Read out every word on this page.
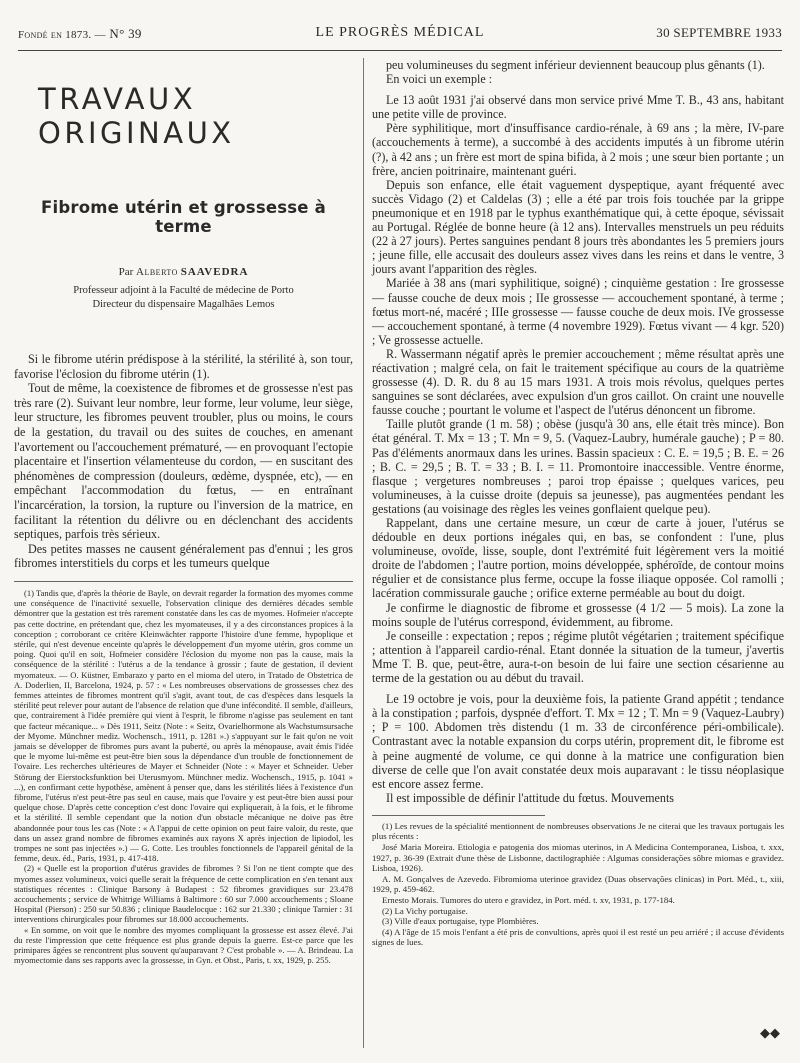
Fondé en 1873. — N° 39	LE PROGRÈS MÉDICAL	30 SEPTEMBRE 1933
TRAVAUX ORIGINAUX
Fibrome utérin et grossesse à terme
Par Alberto SAAVEDRA
Professeur adjoint à la Faculté de médecine de Porto
Directeur du dispensaire Magalhães Lemos

Si le fibrome utérin prédispose à la stérilité, la stérilité à, son tour, favorise l'éclosion du fibrome utérin (1).

Tout de même, la coexistence de fibromes et de grossesse n'est pas très rare (2). Suivant leur nombre, leur forme, leur volume, leur siège, leur structure, les fibromes peuvent troubler, plus ou moins, le cours de la gestation, du travail ou des suites de couches, en amenant l'avortement ou l'accouchement prématuré, — en provoquant l'ectopie placentaire et l'insertion vélamenteuse du cordon, — en suscitant des phénomènes de compression (douleurs, œdème, dyspnée, etc), — en empêchant l'accommodation du fœtus, — en entraînant l'incarcération, la torsion, la rupture ou l'inversion de la matrice, en facilitant la rétention du délivre ou en déclenchant des accidents septiques, parfois très sérieux.

Des petites masses ne causent généralement pas d'ennui ; les gros fibromes interstitiels du corps et les tumeurs quelque

(1) Tandis que, d'après la théorie de Bayle, on devrait regarder la formation des myomes comme une conséquence de l'inactivité sexuelle, l'observation clinique des dernières décades semble démontrer que la gestation est très rarement constatée dans les cas de myomes. Hofmeier n'accepte pas cette doctrine, en prétendant que, chez les myomateuses, il y a des circonstances propices à la conception ; corroborant ce critère Kleinwächter rapporte l'histoire d'une femme, hypoplique et stérile, qui n'est devenue enceinte qu'après le développement d'un myome utérin, gros comme un poing. Quoi qu'il en soit, Hofmeier considère l'éclosion du myome non pas la cause, mais la conséquence de la stérilité : l'utérus a de la tendance à grossir ; faute de gestation, il devient myomateux. — O. Küstner, Embarazo y parto en el mioma del utero, in Tratado de Obstetrica de A. Doderlien, II, Barcelona, 1924, p. 57 : « Les nombreuses observations de grossesses chez des femmes atteintes de fibromes montrent qu'il s'agit, avant tout, de cas d'espèces dans lesquels la stérilité peut relever pour autant de l'absence de relation que d'une infécondité. Il semble, d'ailleurs, que, contrairement à l'idée première qui vient à l'esprit, le fibrome n'agisse pas seulement en tant que facteur mécanique... » Dès 1911, Seitz (Note : « Seitz, Ovarielhormone als Wachstumsursache der Myome. Münchner mediz. Wochensch., 1911, p. 1281 ».) s'appuyant sur le fait qu'on ne voit jamais se développer de fibromes purs avant la puberté, ou après la ménopause, avait émis l'idée que le myome lui-même est peut-être bien sous la dépendance d'un trouble de fonctionnement de l'ovaire. Les recherches ultérieures de Mayer et Schneider (Note : « Mayer et Schneider. Ueber Störung der Eierstocksfunktion bei Uterusmyom. Münchner mediz. Wochensch., 1915, p. 1041 » ...), en confirmant cette hypothèse, amènent à penser que, dans les stérilités liées à l'existence d'un fibrome, l'utérus n'est peut-être pas seul en cause, mais que l'ovaire y est peut-être bien aussi pour quelque chose. D'après cette conception c'est donc l'ovaire qui expliquerait, à la fois, et le fibrome et la stérilité. Il semble cependant que la notion d'un obstacle mécanique ne doive pas être abandonnée pour tous les cas (Note : « A l'appui de cette opinion on peut faire valoir, du reste, que dans un assez grand nombre de fibromes examinés aux rayons X après injection de lipiodol, les trompes ne sont pas injectées ».) — G. Cotte. Les troubles fonctionnels de l'appareil génital de la femme, deux. éd., Paris, 1931, p. 417-418.

(2) « Quelle est la proportion d'utérus gravides de fibromes ? Si l'on ne tient compte que des myomes assez volumineux, voici quelle serait la fréquence de cette complication en s'en tenant aux statistiques récentes : Clinique Barsony à Budapest : 52 fibromes gravidiques sur 23.478 accouchements ; service de Whitrige Williams à Baltimore : 60 sur 7.000 accouchements ; Sloane Hospital (Pierson) : 250 sur 50.836 ; clinique Baudelocque : 162 sur 21.330 ; clinique Tarnier : 31 interventions chirurgicales pour fibromes sur 18.000 accouchements.

« En somme, on voit que le nombre des myomes compliquant la grossesse est assez élevé. J'ai du reste l'impression que cette fréquence est plus grande depuis la guerre. Est-ce parce que les primipares âgées se rencontrent plus souvent qu'auparavant ? C'est probable ». — A. Brindeau. La myomectomie dans ses rapports avec la grossesse, in Gyn. et Obst., Paris, t. xx, 1929, p. 255.

peu volumineuses du segment inférieur deviennent beaucoup plus gênants (1).

En voici un exemple :

Le 13 août 1931 j'ai observé dans mon service privé Mme T. B., 43 ans, habitant une petite ville de province.

Père syphilitique, mort d'insuffisance cardio-rénale, à 69 ans ; la mère, IV-pare (accouchements à terme), a succombé à des accidents imputés à un fibrome utérin (?), à 42 ans ; un frère est mort de spina bifida, à 2 mois ; une sœur bien portante ; un frère, ancien poitrinaire, maintenant guéri.

Depuis son enfance, elle était vaguement dyspeptique, ayant fréquenté avec succès Vidago (2) et Caldelas (3) ; elle a été par trois fois touchée par la grippe pneumonique et en 1918 par le typhus exanthématique qui, à cette époque, sévissait au Portugal. Réglée de bonne heure (à 12 ans). Intervalles menstruels un peu réduits (22 à 27 jours). Pertes sanguines pendant 8 jours très abondantes les 5 premiers jours ; jeune fille, elle accusait des douleurs assez vives dans les reins et dans le ventre, 3 jours avant l'apparition des règles.

Mariée à 38 ans (mari syphilitique, soigné) ; cinquième gestation : Ire grossesse — fausse couche de deux mois ; IIe grossesse — accouchement spontané, à terme ; fœtus mort-né, macéré ; IIIe grossesse — fausse couche de deux mois. IVe grossesse — accouchement spontané, à terme (4 novembre 1929). Fœtus vivant — 4 kgr. 520) ; Ve grossesse actuelle.

R. Wassermann négatif après le premier accouchement ; même résultat après une réactivation ; malgré cela, on fait le traitement spécifique au cours de la quatrième grossesse (4). D. R. du 8 au 15 mars 1931. A trois mois révolus, quelques pertes sanguines se sont déclarées, avec expulsion d'un gros caillot. On craint une nouvelle fausse couche ; pourtant le volume et l'aspect de l'utérus dénoncent un fibrome.

Taille plutôt grande (1 m. 58) ; obèse (jusqu'à 30 ans, elle était très mince). Bon état général. T. Mx = 13 ; T. Mn = 9, 5. (Vaquez-Laubry, humérale gauche) ; P = 80. Pas d'éléments anormaux dans les urines. Bassin spacieux : C. E. = 19,5 ; B. E. = 26 ; B. C. = 29,5 ; B. T. = 33 ; B. I. = 11. Promontoire inaccessible. Ventre énorme, flasque ; vergetures nombreuses ; paroi trop épaisse ; quelques varices, peu volumineuses, à la cuisse droite (depuis sa jeunesse), pas augmentées pendant les gestations (au voisinage des règles les veines gonflaient quelque peu).

Rappelant, dans une certaine mesure, un cœur de carte à jouer, l'utérus se dédouble en deux portions inégales qui, en bas, se confondent : l'une, plus volumineuse, ovoïde, lisse, souple, dont l'extrémité fuit légèrement vers la moitié droite de l'abdomen ; l'autre portion, moins développée, sphéroïde, de contour moins régulier et de consistance plus ferme, occupe la fosse iliaque opposée. Col ramolli ; lacération commissurale gauche ; orifice externe perméable au bout du doigt.

Je confirme le diagnostic de fibrome et grossesse (4 1/2 — 5 mois). La zone la moins souple de l'utérus correspond, évidemment, au fibrome.

Je conseille : expectation ; repos ; régime plutôt végétarien ; traitement spécifique ; attention à l'appareil cardio-rénal. Etant donnée la situation de la tumeur, j'avertis Mme T. B. que, peut-être, aura-t-on besoin de lui faire une section césarienne au terme de la gestation ou au début du travail.

Le 19 octobre je vois, pour la deuxième fois, la patiente Grand appétit ; tendance à la constipation ; parfois, dyspnée d'effort. T. Mx = 12 ; T. Mn = 9 (Vaquez-Laubry) ; P = 100. Abdomen très distendu (1 m. 33 de circonférence péri-ombilicale). Contrastant avec la notable expansion du corps utérin, proprement dit, le fibrome est à peine augmenté de volume, ce qui donne à la matrice une configuration bien diverse de celle que l'on avait constatée deux mois auparavant : le tissu néoplasique est encore assez ferme.

Il est impossible de définir l'attitude du fœtus. Mouvements

(1) Les revues de la spécialité mentionnent de nombreuses observations Je ne citerai que les travaux portugais les plus récents :

José Maria Moreira. Etiologia e patogenia dos miomas uterinos, in A Medicina Contemporanea, Lisboa, t. xxx, 1927, p. 36-39 (Extrait d'une thèse de Lisbonne, dactilographiée : Algumas considerações sôbre miomas e gravidez. Lisboa, 1926).

A. M. Gonçalves de Azevedo. Fibromioma uterinoe gravidez (Duas observações clinicas) in Port. Méd., t., xiii, 1929, p. 459-462.

Ernesto Morais. Tumores do utero e gravidez, in Port. méd. t. xv, 1931, p. 177-184.

(2) La Vichy portugaise.

(3) Ville d'eaux portugaise, type Plombières.

(4) A l'âge de 15 mois l'enfant a été pris de convultions, après quoi il est resté un peu arriéré ; il accuse d'évidents signes de lues.

◆◆
